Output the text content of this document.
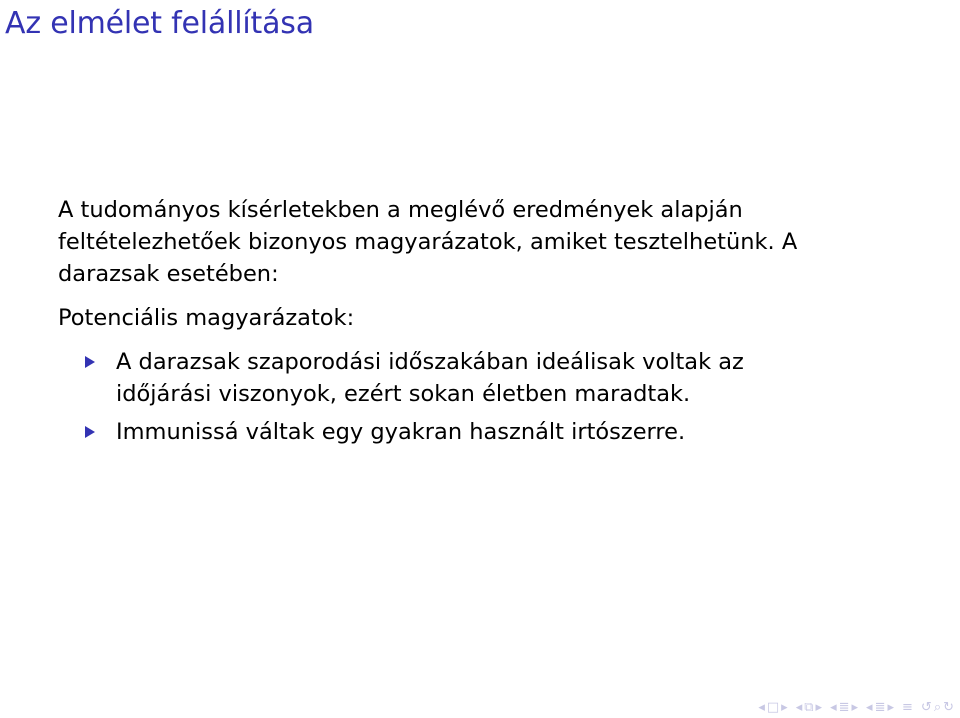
Az elmélet felállítása

A tudományos kísérletekben a meglévő eredmények alapján feltételezhetőek bizonyos magyarázatok, amiket tesztelhetünk. A darazsak esetében:

Potenciális magyarázatok:

A darazsak szaporodási időszakában ideálisak voltak az időjárási viszonyok, ezért sokan életben maradtak.
Immunissá váltak egy gyakran használt irtószerre.
◂ □ ▸ ◂ ⧉ ▸ ◂ ≣ ▸ ◂ ≣ ▸ ≡ ↺ ⌕ ↻
